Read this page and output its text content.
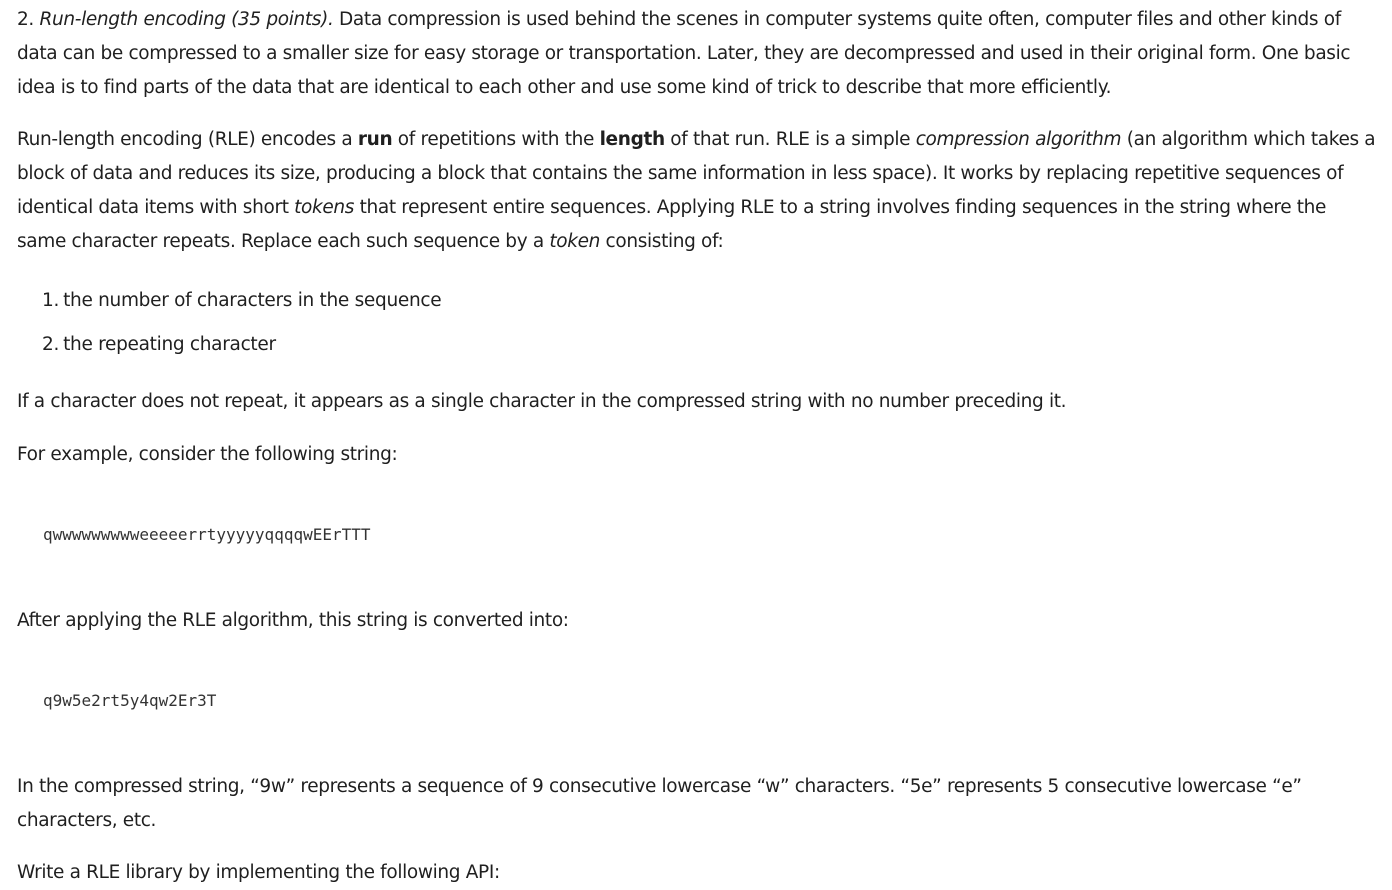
2. Run-length encoding (35 points). Data compression is used behind the scenes in computer systems quite often, computer files and other kinds of data can be compressed to a smaller size for easy storage or transportation. Later, they are decompressed and used in their original form. One basic idea is to find parts of the data that are identical to each other and use some kind of trick to describe that more efficiently.

Run-length encoding (RLE) encodes a run of repetitions with the length of that run. RLE is a simple compression algorithm (an algorithm which takes a block of data and reduces its size, producing a block that contains the same information in less space). It works by replacing repetitive sequences of identical data items with short tokens that represent entire sequences. Applying RLE to a string involves finding sequences in the string where the same character repeats. Replace each such sequence by a token consisting of:

1. the number of characters in the sequence
2. the repeating character

If a character does not repeat, it appears as a single character in the compressed string with no number preceding it.

For example, consider the following string:

qwwwwwwwwweeeeerrtyyyyyqqqqwEErTTT

After applying the RLE algorithm, this string is converted into:

q9w5e2rt5y4qw2Er3T

In the compressed string, “9w” represents a sequence of 9 consecutive lowercase “w” characters. “5e” represents 5 consecutive lowercase “e” characters, etc.

Write a RLE library by implementing the following API:
